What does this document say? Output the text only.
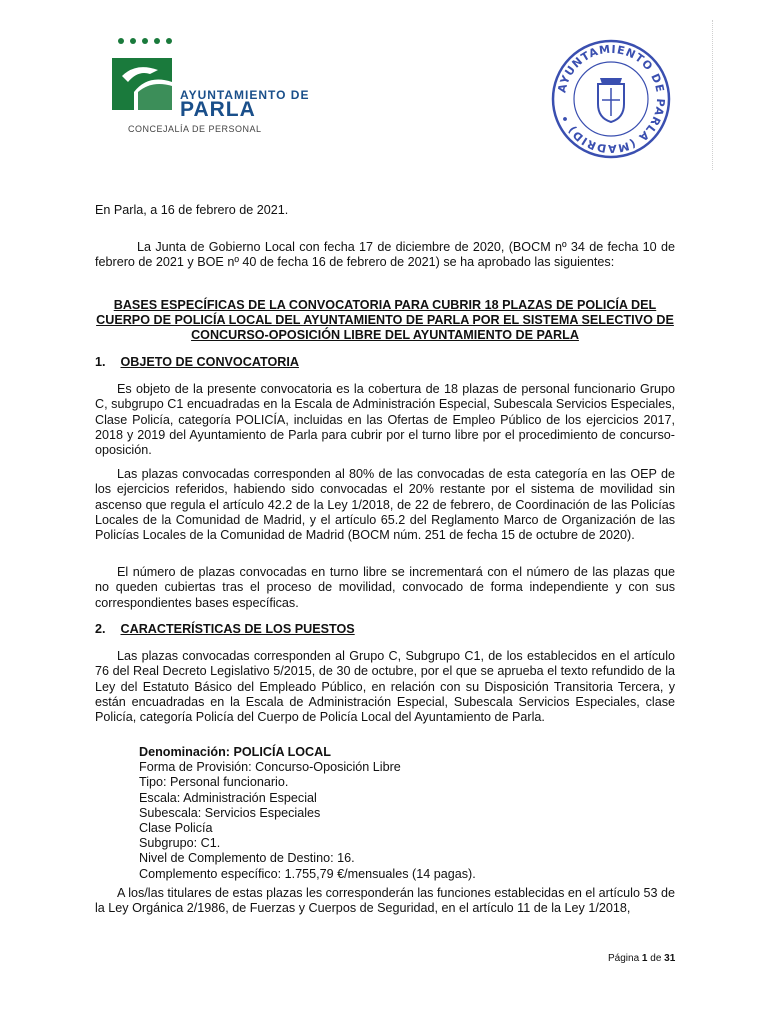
AYUNTAMIENTO DE
PARLA
CONCEJALÍA DE PERSONAL
AYUNTAMIENTO DE PARLA (MADRID) •
En Parla, a 16 de febrero de 2021.
La Junta de Gobierno Local con fecha 17 de diciembre de 2020, (BOCM nº 34 de fecha 10 de febrero de 2021 y BOE nº 40 de fecha 16 de febrero de 2021) se ha aprobado las siguientes:
BASES ESPECÍFICAS DE LA CONVOCATORIA PARA CUBRIR 18 PLAZAS DE POLICÍA DEL CUERPO DE POLICÍA LOCAL DEL AYUNTAMIENTO DE PARLA POR EL SISTEMA SELECTIVO DE CONCURSO-OPOSICIÓN LIBRE DEL AYUNTAMIENTO DE PARLA
1. OBJETO DE CONVOCATORIA
Es objeto de la presente convocatoria es la cobertura de 18 plazas de personal funcionario Grupo C, subgrupo C1 encuadradas en la Escala de Administración Especial, Subescala Servicios Especiales, Clase Policía, categoría POLICÍA, incluidas en las Ofertas de Empleo Público de los ejercicios 2017, 2018 y 2019 del Ayuntamiento de Parla para cubrir por el turno libre por el procedimiento de concurso-oposición.
Las plazas convocadas corresponden al 80% de las convocadas de esta categoría en las OEP de los ejercicios referidos, habiendo sido convocadas el 20% restante por el sistema de movilidad sin ascenso que regula el artículo 42.2 de la Ley 1/2018, de 22 de febrero, de Coordinación de las Policías Locales de la Comunidad de Madrid, y el artículo 65.2 del Reglamento Marco de Organización de las Policías Locales de la Comunidad de Madrid (BOCM núm. 251 de fecha 15 de octubre de 2020).
El número de plazas convocadas en turno libre se incrementará con el número de las plazas que no queden cubiertas tras el proceso de movilidad, convocado de forma independiente y con sus correspondientes bases específicas.
2. CARACTERÍSTICAS DE LOS PUESTOS
Las plazas convocadas corresponden al Grupo C, Subgrupo C1, de los establecidos en el artículo 76 del Real Decreto Legislativo 5/2015, de 30 de octubre, por el que se aprueba el texto refundido de la Ley del Estatuto Básico del Empleado Público, en relación con su Disposición Transitoria Tercera, y están encuadradas en la Escala de Administración Especial, Subescala Servicios Especiales, clase Policía, categoría Policía del Cuerpo de Policía Local del Ayuntamiento de Parla.
Denominación: POLICÍA LOCAL
Forma de Provisión: Concurso-Oposición Libre
Tipo: Personal funcionario.
Escala: Administración Especial
Subescala: Servicios Especiales
Clase Policía
Subgrupo: C1.
Nivel de Complemento de Destino: 16.
Complemento específico: 1.755,79 €/mensuales (14 pagas).
A los/las titulares de estas plazas les corresponderán las funciones establecidas en el artículo 53 de la Ley Orgánica 2/1986, de Fuerzas y Cuerpos de Seguridad, en el artículo 11 de la Ley 1/2018,
Página 1 de 31
